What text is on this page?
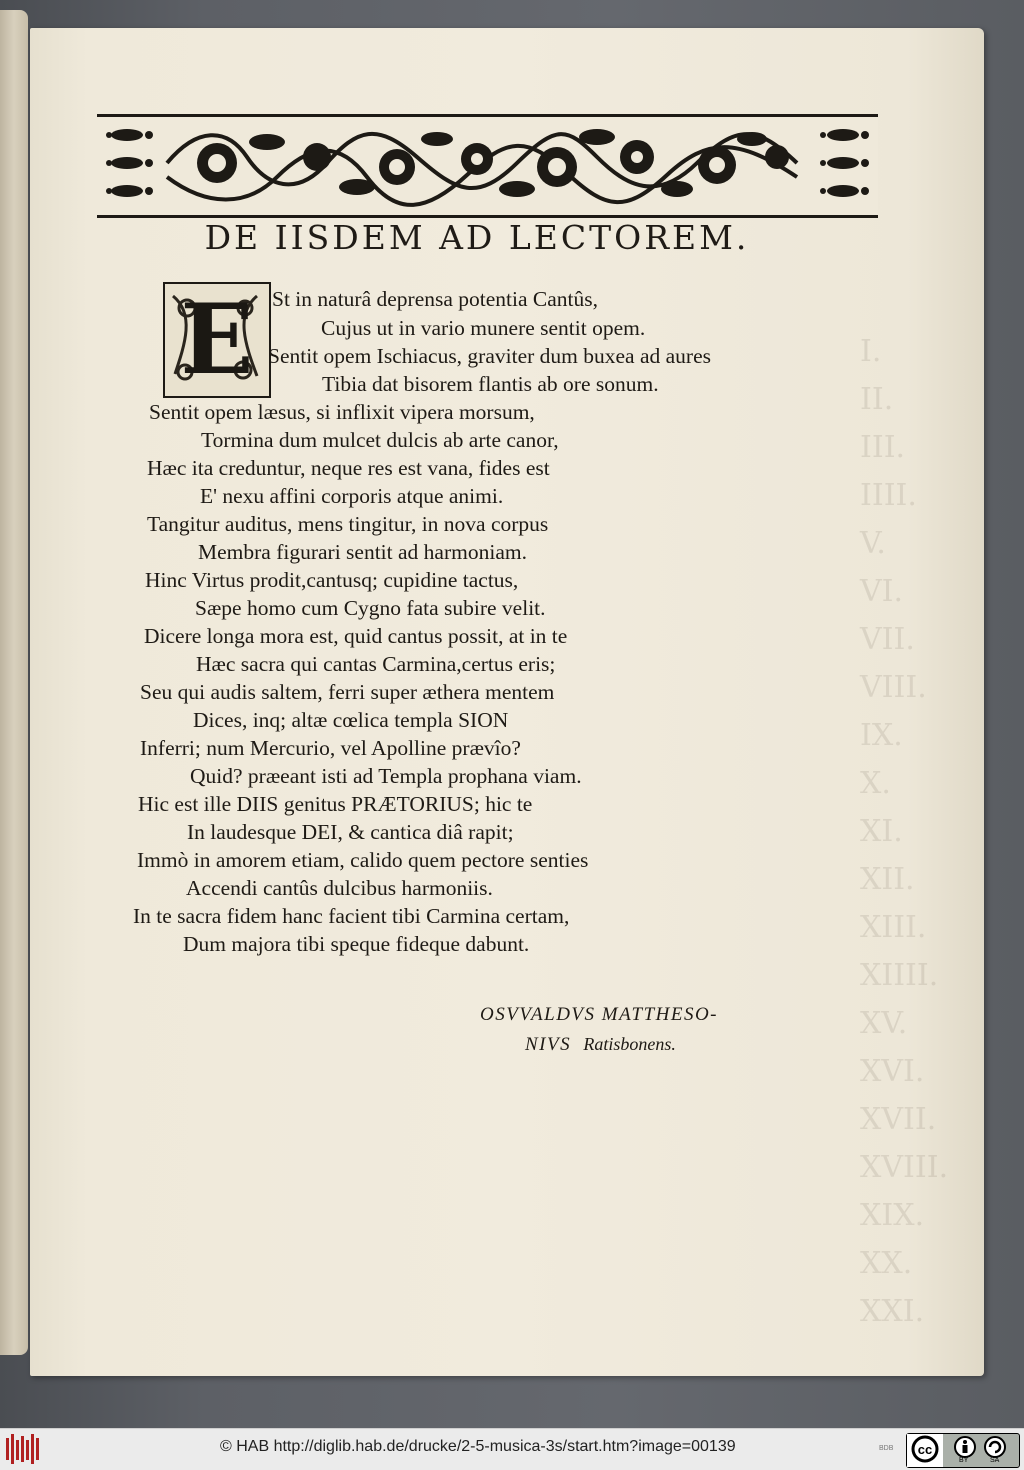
I.
II.
III.
IIII.
V.
VI.
VII.
VIII.
IX.
X.
XI.
XII.
XIII.
XIIII.
XV.
XVI.
XVII.
XVIII.
XIX.
XX.
XXI.
DE IISDEM AD LECTOREM.
E St in naturâ deprensa potentia Cantûs,
Cujus ut in vario munere sentit opem.
Sentit opem Ischiacus, graviter dum buxea ad aures
Tibia dat bisorem flantis ab ore sonum.
Sentit opem læsus, si inflixit vipera morsum,
Tormina dum mulcet dulcis ab arte canor,
Hæc ita creduntur, neque res est vana, fides est
E' nexu affini corporis atque animi.
Tangitur auditus, mens tingitur, in nova corpus
Membra figurari sentit ad harmoniam.
Hinc Virtus prodit,cantusq; cupidine tactus,
Sæpe homo cum Cygno fata subire velit.
Dicere longa mora est, quid cantus possit, at in te
Hæc sacra qui cantas Carmina,certus eris;
Seu qui audis saltem, ferri super æthera mentem
Dices, inq; altæ cœlica templa SION
Inferri; num Mercurio, vel Apolline prævîo?
Quid? præeant isti ad Templa prophana viam.
Hic est ille DIIS genitus PRÆTORIUS; hic te
In laudesque DEI, & cantica diâ rapit;
Immò in amorem etiam, calido quem pectore senties
Accendi cantûs dulcibus harmoniis.
In te sacra fidem hanc facient tibi Carmina certam,
Dum majora tibi speque fideque dabunt.
OSVVALDVS MATTHESO-
NIVS Ratisbonens.
© HAB http://diglib.hab.de/drucke/2-5-musica-3s/start.htm?image=00139	BDB cc
BY	SA
